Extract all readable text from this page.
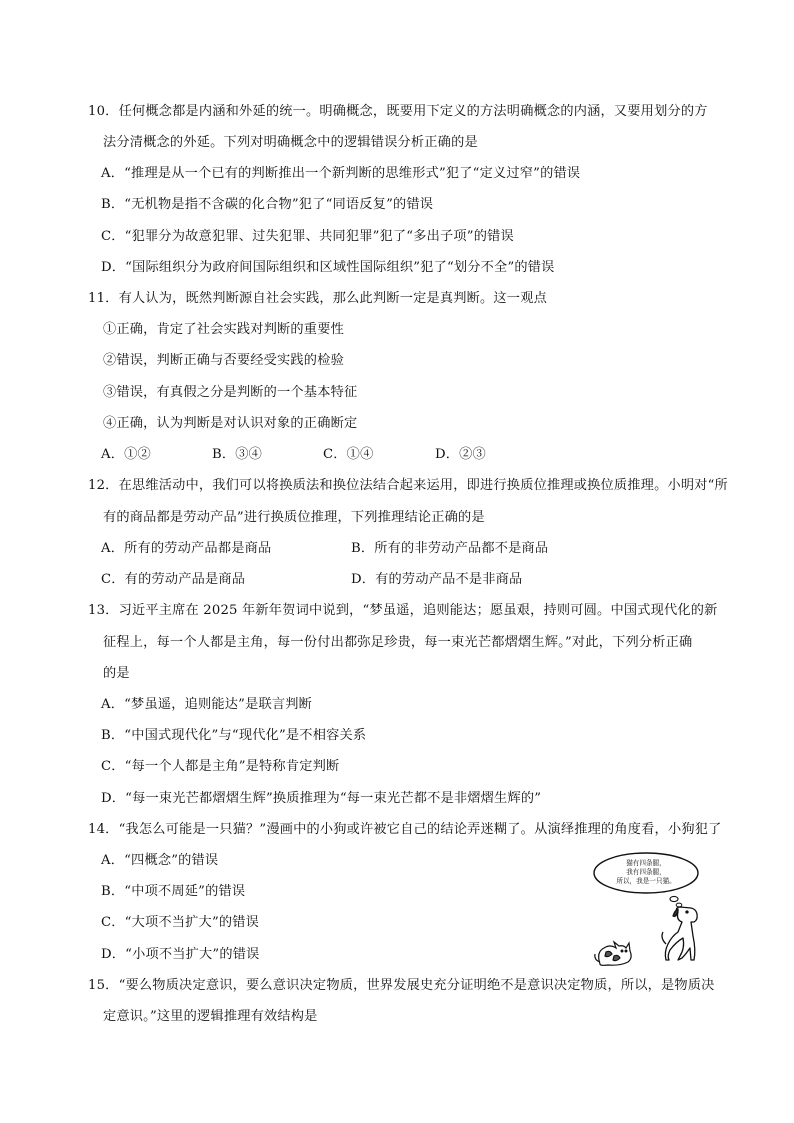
10．任何概念都是内涵和外延的统一。明确概念，既要用下定义的方法明确概念的内涵，又要用划分的方
法分清概念的外延。下列对明确概念中的逻辑错误分析正确的是
A．“推理是从一个已有的判断推出一个新判断的思维形式”犯了“定义过窄”的错误
B．“无机物是指不含碳的化合物”犯了“同语反复”的错误
C．“犯罪分为故意犯罪、过失犯罪、共同犯罪”犯了“多出子项”的错误
D．“国际组织分为政府间国际组织和区域性国际组织”犯了“划分不全”的错误
11．有人认为，既然判断源自社会实践，那么此判断一定是真判断。这一观点
①正确，肯定了社会实践对判断的重要性
②错误，判断正确与否要经受实践的检验
③错误，有真假之分是判断的一个基本特征
④正确，认为判断是对认识对象的正确断定
A．①②	B．③④	C．①④	D．②③
12．在思维活动中，我们可以将换质法和换位法结合起来运用，即进行换质位推理或换位质推理。小明对“所
有的商品都是劳动产品”进行换质位推理，下列推理结论正确的是
A．所有的劳动产品都是商品	B．所有的非劳动产品都不是商品
C．有的劳动产品是商品	D．有的劳动产品不是非商品
13．习近平主席在 2025 年新年贺词中说到，“梦虽遥，追则能达；愿虽艰，持则可圆。中国式现代化的新
征程上，每一个人都是主角，每一份付出都弥足珍贵，每一束光芒都熠熠生辉。”对此，下列分析正确
的是
A．“梦虽遥，追则能达”是联言判断
B．“中国式现代化”与“现代化”是不相容关系
C．“每一个人都是主角”是特称肯定判断
D．“每一束光芒都熠熠生辉”换质推理为“每一束光芒都不是非熠熠生辉的”
14．“我怎么可能是一只猫？”漫画中的小狗或许被它自己的结论弄迷糊了。从演绎推理的角度看，小狗犯了
A．“四概念”的错误
B．“中项不周延”的错误
C．“大项不当扩大”的错误
D．“小项不当扩大”的错误
猫有四条腿，
我有四条腿，
所以，我是一只猫。
15．“要么物质决定意识，要么意识决定物质，世界发展史充分证明绝不是意识决定物质，所以，是物质决
定意识。”这里的逻辑推理有效结构是
